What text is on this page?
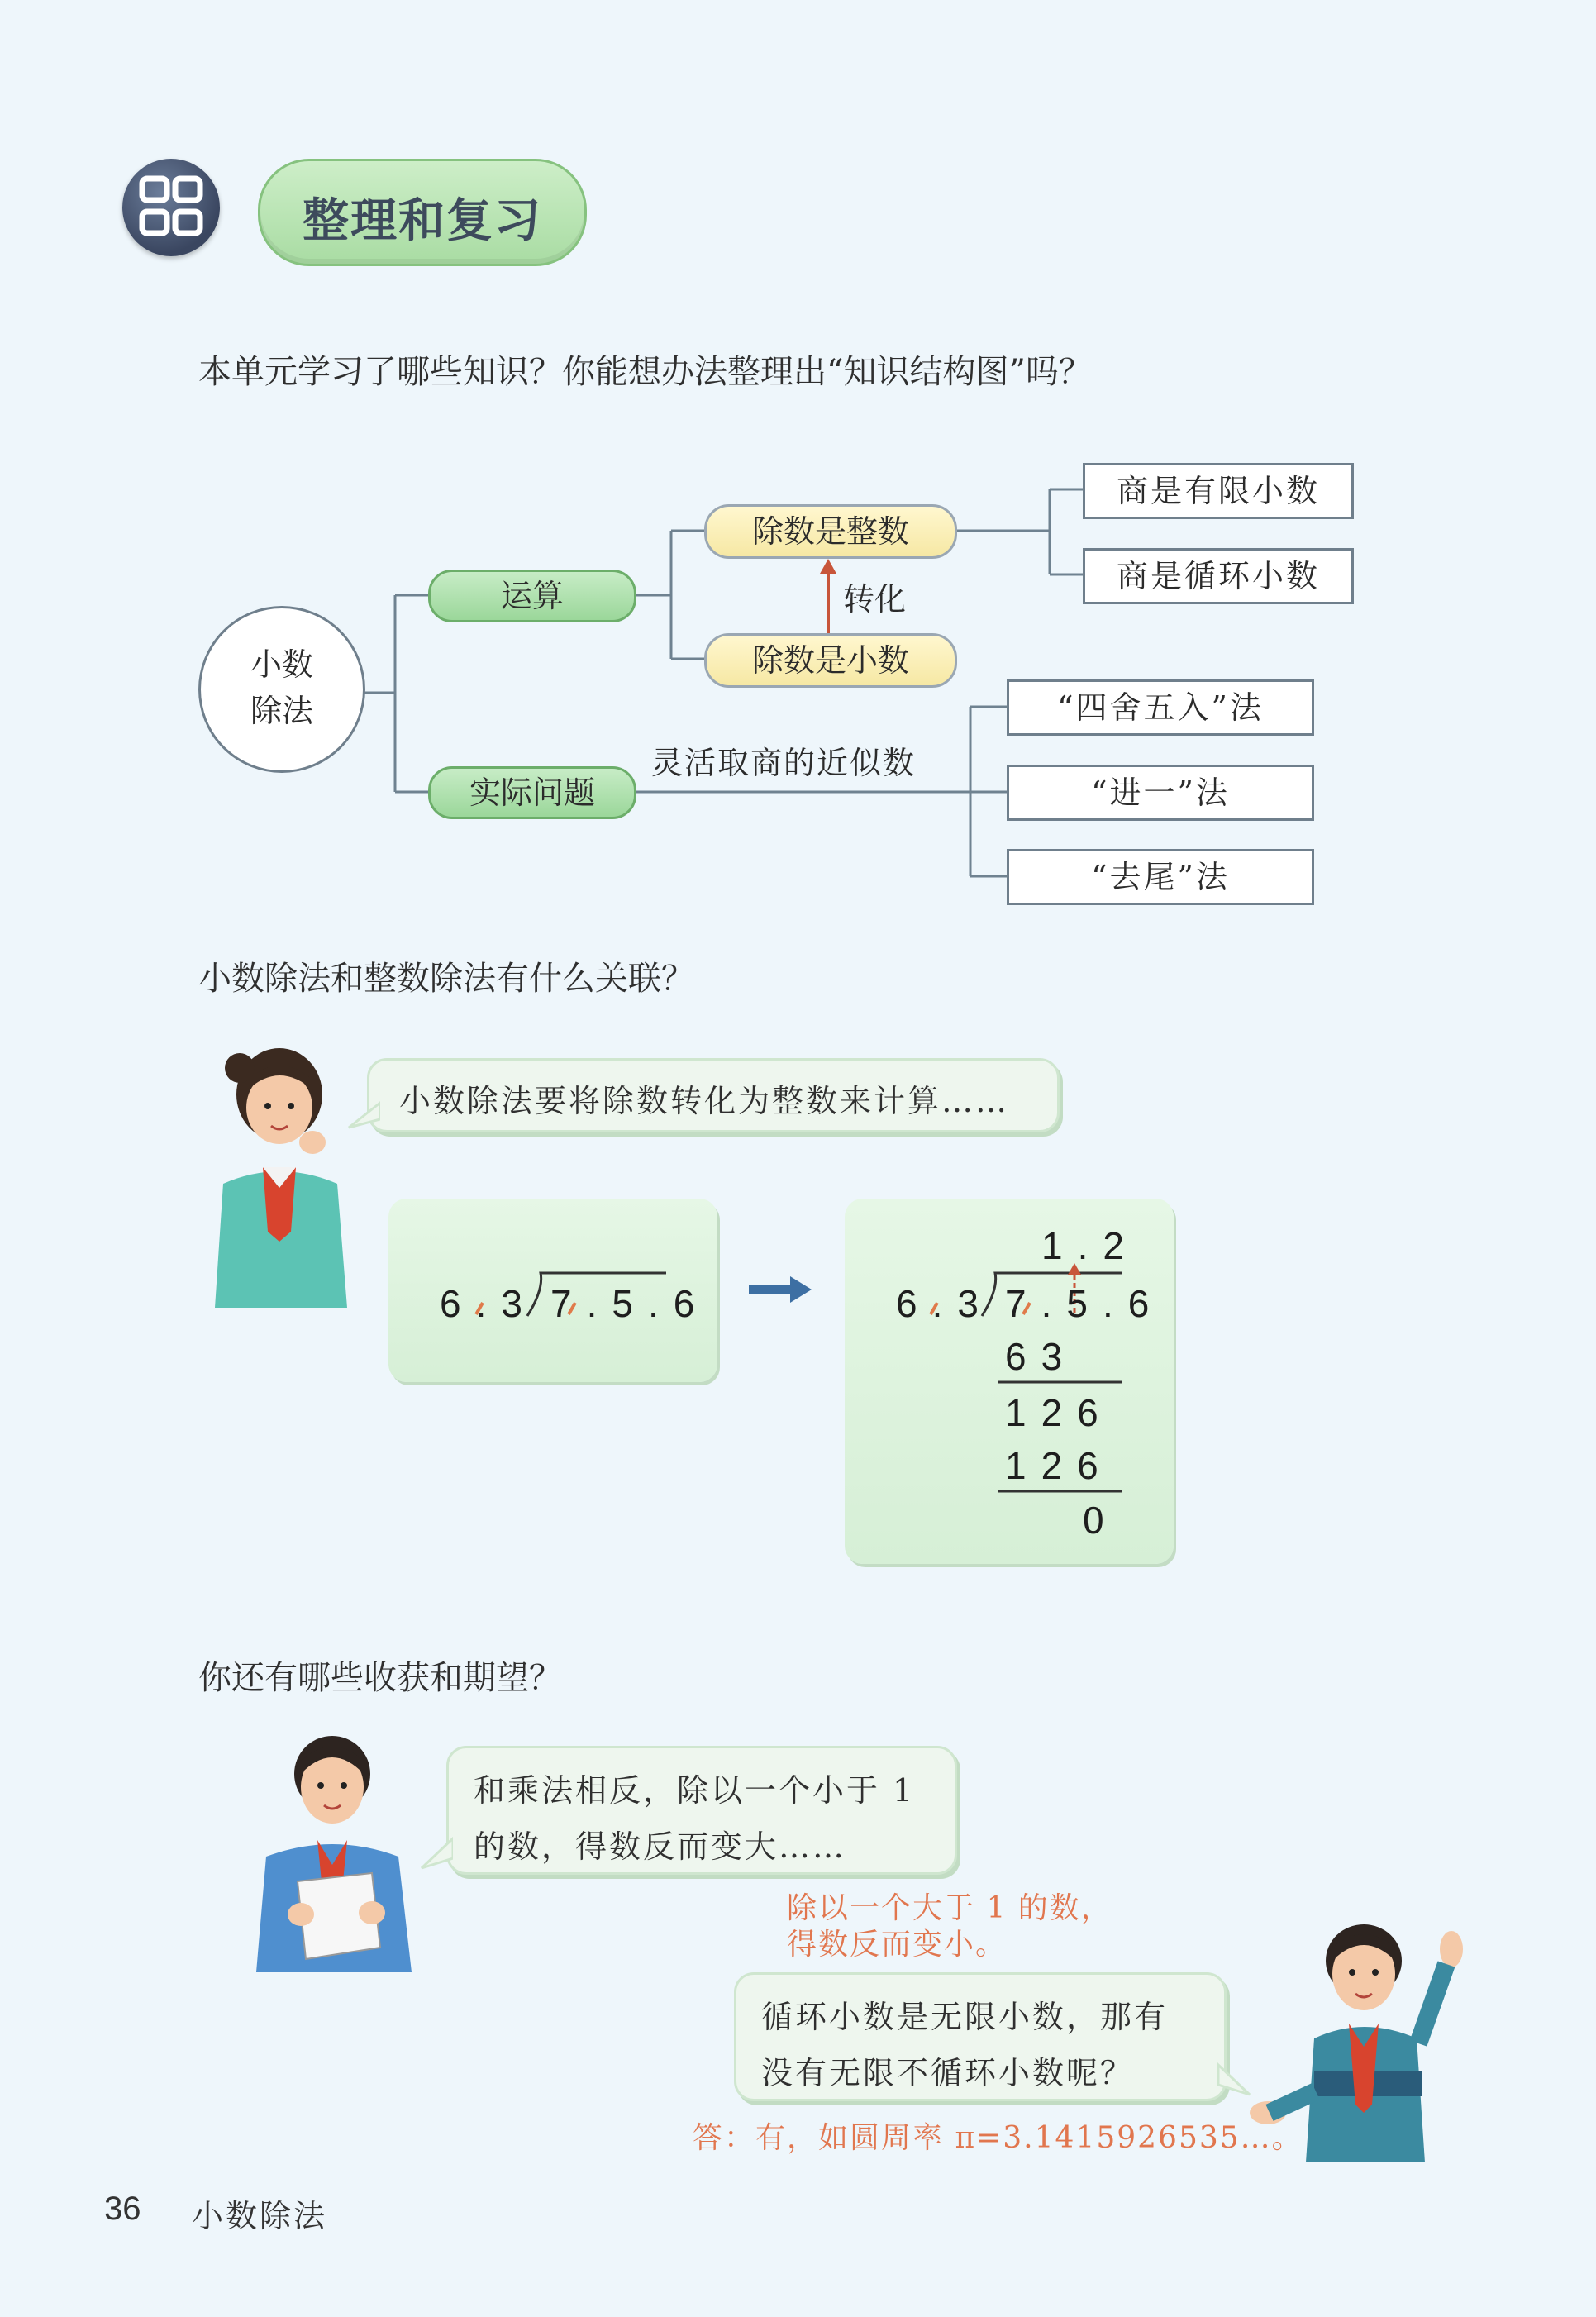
整理和复习
本单元学习了哪些知识？你能想办法整理出“知识结构图”吗？
小数
除法
运算
实际问题
除数是整数
除数是小数
转化
商是有限小数
商是循环小数
灵活取商的近似数
“四舍五入”法
“进一”法
“去尾”法
小数除法和整数除法有什么关联？
小数除法要将除数转化为整数来计算……
6.3 7.5.6
1.2
6.3 7.5.6
63
126
126
0
你还有哪些收获和期望？
和乘法相反，除以一个小于 1
的数，得数反而变大……
除以一个大于 1 的数，
得数反而变小。
循环小数是无限小数，那有
没有无限不循环小数呢？
答：有，如圆周率 π=3.1415926535…。
36 小数除法
